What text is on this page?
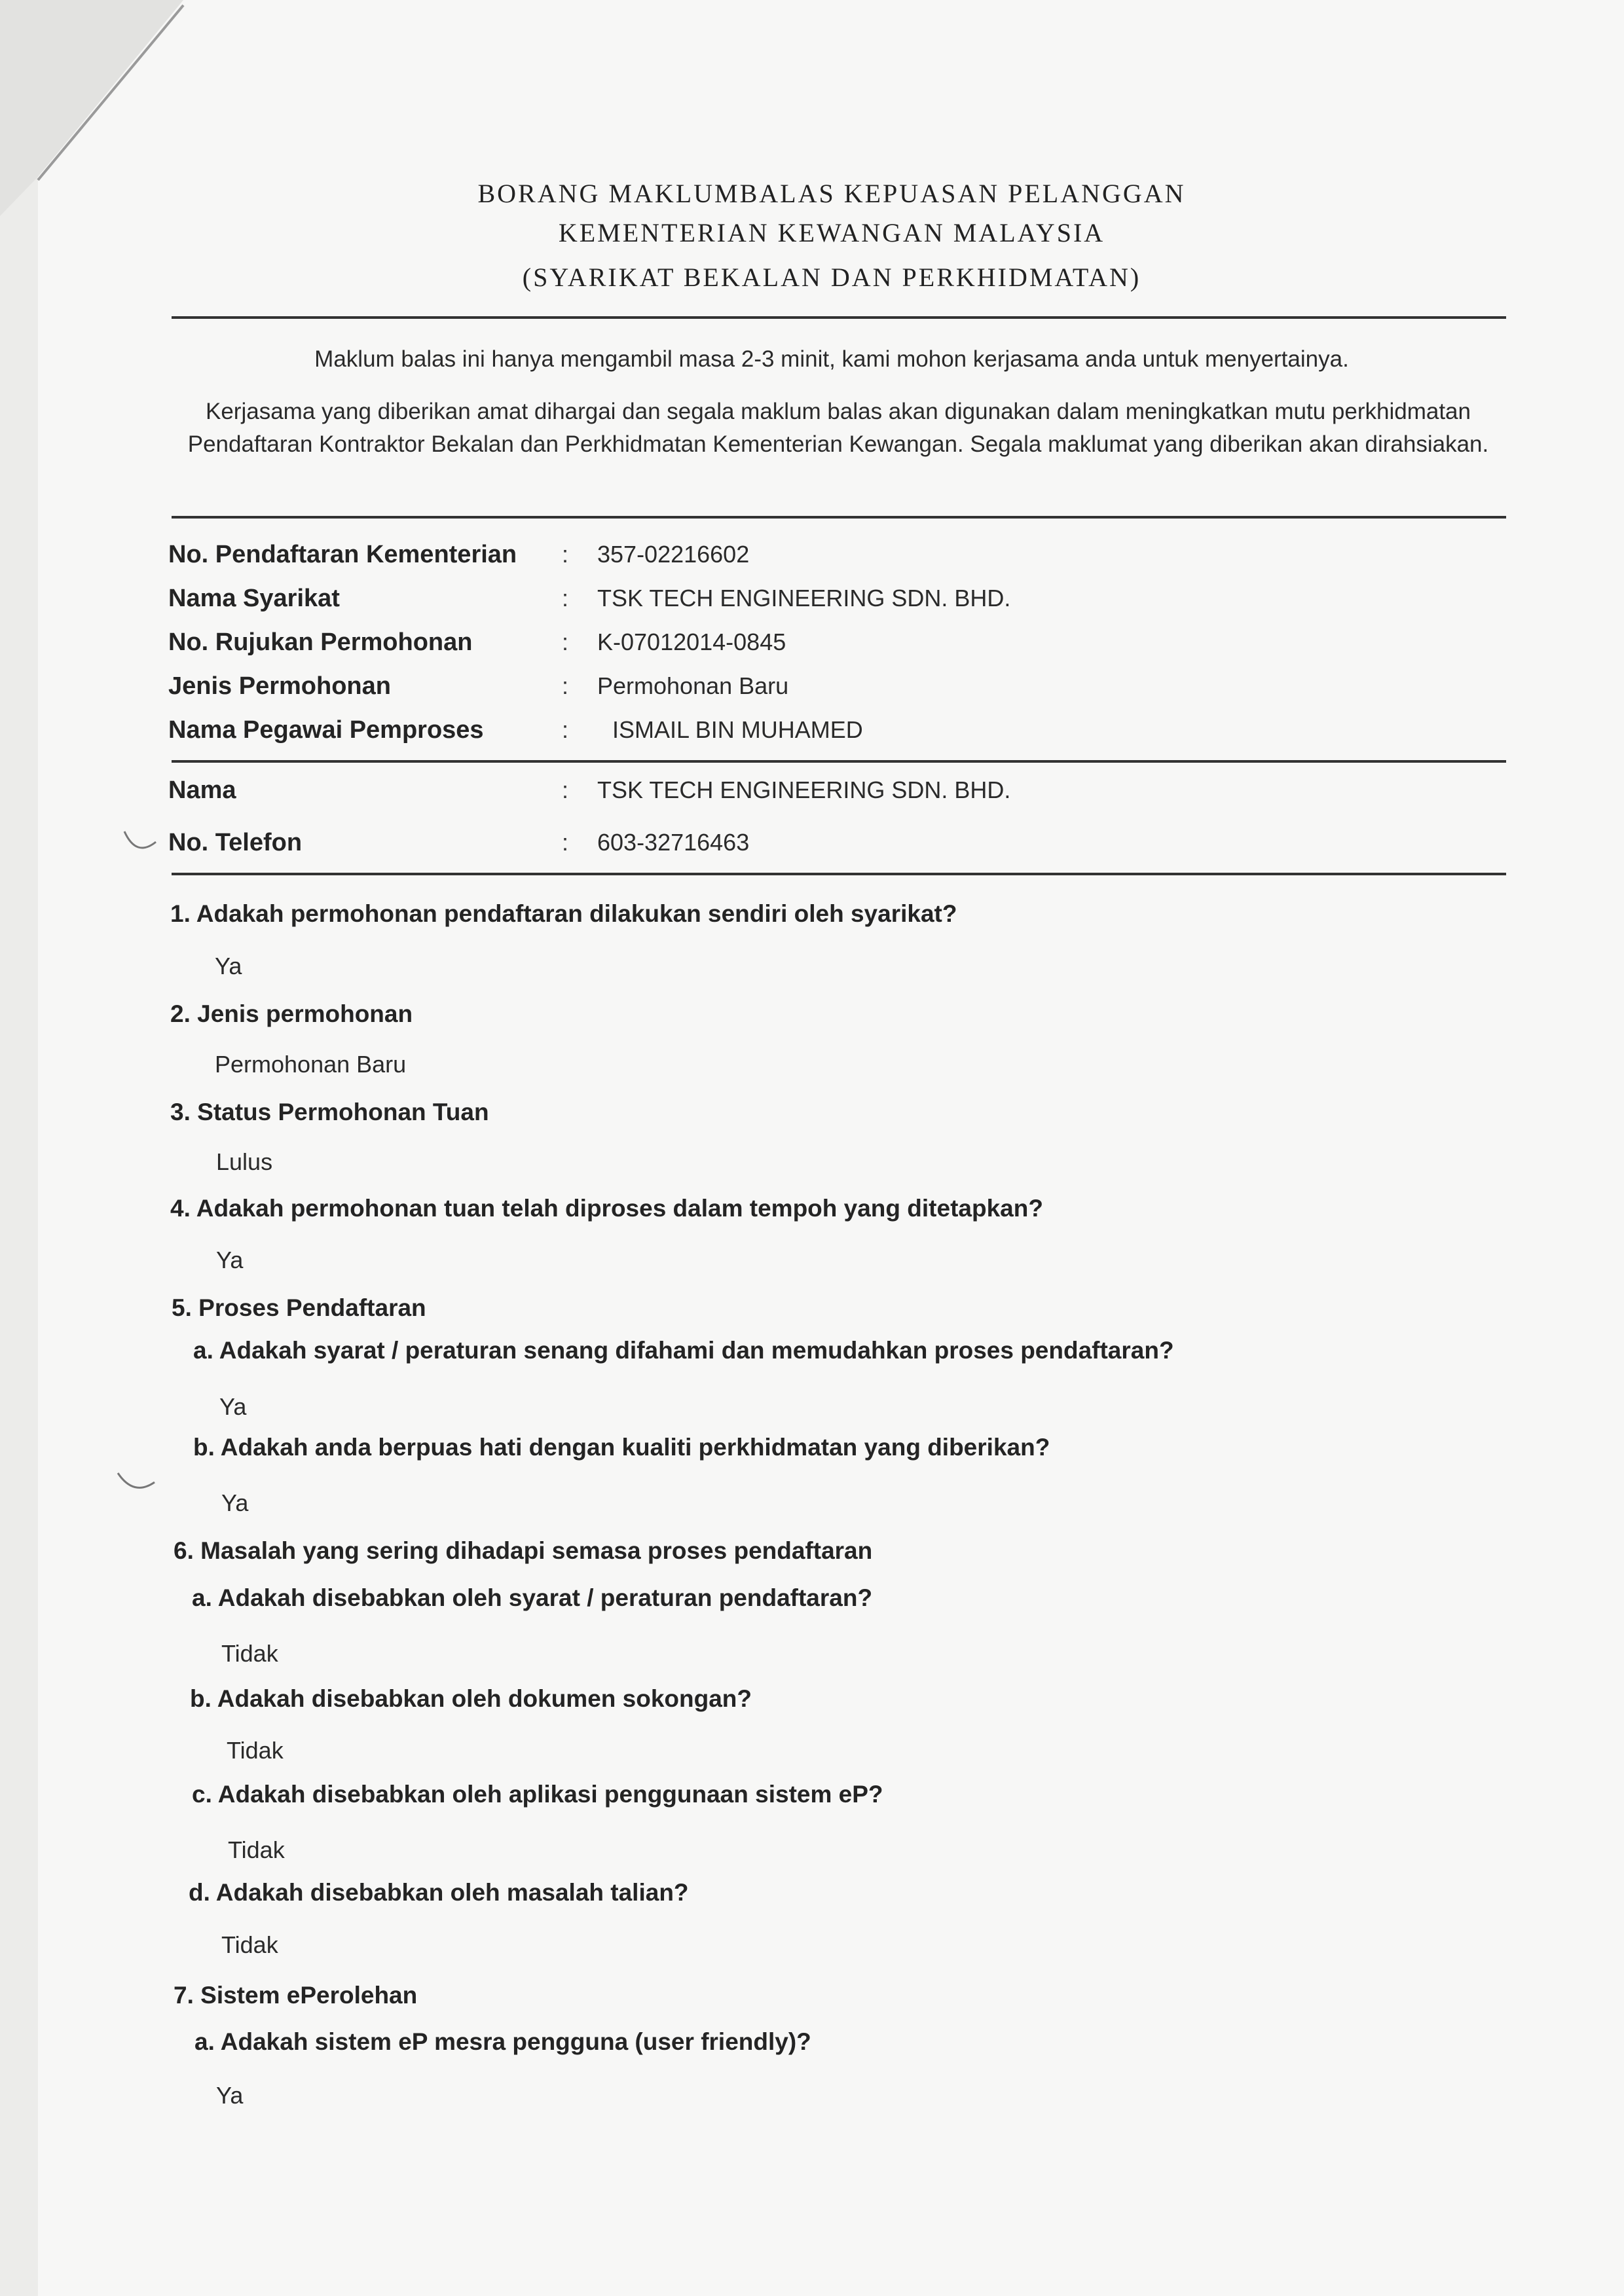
BORANG MAKLUMBALAS KEPUASAN PELANGGAN
KEMENTERIAN KEWANGAN MALAYSIA
(SYARIKAT BEKALAN DAN PERKHIDMATAN)
Maklum balas ini hanya mengambil masa 2-3 minit, kami mohon kerjasama anda untuk menyertainya.
Kerjasama yang diberikan amat dihargai dan segala maklum balas akan digunakan dalam meningkatkan mutu perkhidmatan Pendaftaran Kontraktor Bekalan dan Perkhidmatan Kementerian Kewangan. Segala maklumat yang diberikan akan dirahsiakan.
No. Pendaftaran Kementerian : 357-02216602
Nama Syarikat	: TSK TECH ENGINEERING SDN. BHD.
No. Rujukan Permohonan	: K-07012014-0845
Jenis Permohonan	: Permohonan Baru
Nama Pegawai Pemproses	: ISMAIL BIN MUHAMED
Nama	: TSK TECH ENGINEERING SDN. BHD.
No. Telefon	: 603-32716463
1. Adakah permohonan pendaftaran dilakukan sendiri oleh syarikat?
Ya
2. Jenis permohonan
Permohonan Baru
3. Status Permohonan Tuan
Lulus
4. Adakah permohonan tuan telah diproses dalam tempoh yang ditetapkan?
Ya
5. Proses Pendaftaran
a. Adakah syarat / peraturan senang difahami dan memudahkan proses pendaftaran?
Ya
b. Adakah anda berpuas hati dengan kualiti perkhidmatan yang diberikan?
Ya
6. Masalah yang sering dihadapi semasa proses pendaftaran
a. Adakah disebabkan oleh syarat / peraturan pendaftaran?
Tidak
b. Adakah disebabkan oleh dokumen sokongan?
Tidak
c. Adakah disebabkan oleh aplikasi penggunaan sistem eP?
Tidak
d. Adakah disebabkan oleh masalah talian?
Tidak
7. Sistem ePerolehan
a. Adakah sistem eP mesra pengguna (user friendly)?
Ya
